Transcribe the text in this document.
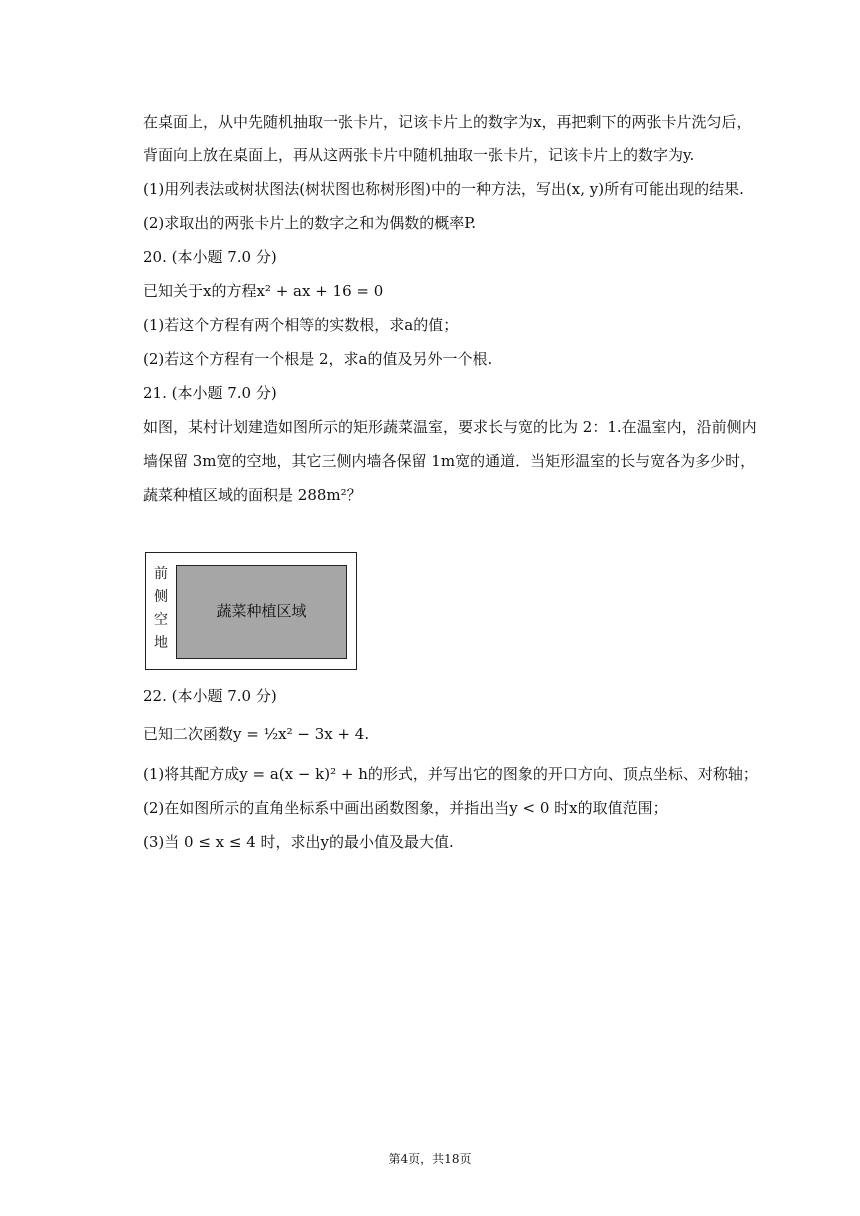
在桌面上，从中先随机抽取一张卡片，记该卡片上的数字为x，再把剩下的两张卡片洗匀后，
背面向上放在桌面上，再从这两张卡片中随机抽取一张卡片，记该卡片上的数字为y.
(1)用列表法或树状图法(树状图也称树形图)中的一种方法，写出(x, y)所有可能出现的结果.
(2)求取出的两张卡片上的数字之和为偶数的概率P.
20. (本小题 7.0 分)
已知关于x的方程x² + ax + 16 = 0
(1)若这个方程有两个相等的实数根，求a的值；
(2)若这个方程有一个根是 2，求a的值及另外一个根.
21. (本小题 7.0 分)
如图，某村计划建造如图所示的矩形蔬菜温室，要求长与宽的比为 2：1.在温室内，沿前侧内
墙保留 3m宽的空地，其它三侧内墙各保留 1m宽的通道．当矩形温室的长与宽各为多少时，
蔬菜种植区域的面积是 288m²？
前
侧
空
地
蔬菜种植区域
22. (本小题 7.0 分)
已知二次函数y = ½x² − 3x + 4.
(1)将其配方成y = a(x − k)² + h的形式，并写出它的图象的开口方向、顶点坐标、对称轴；
(2)在如图所示的直角坐标系中画出函数图象，并指出当y < 0 时x的取值范围；
(3)当 0 ≤ x ≤ 4 时，求出y的最小值及最大值.
第4页，共18页
